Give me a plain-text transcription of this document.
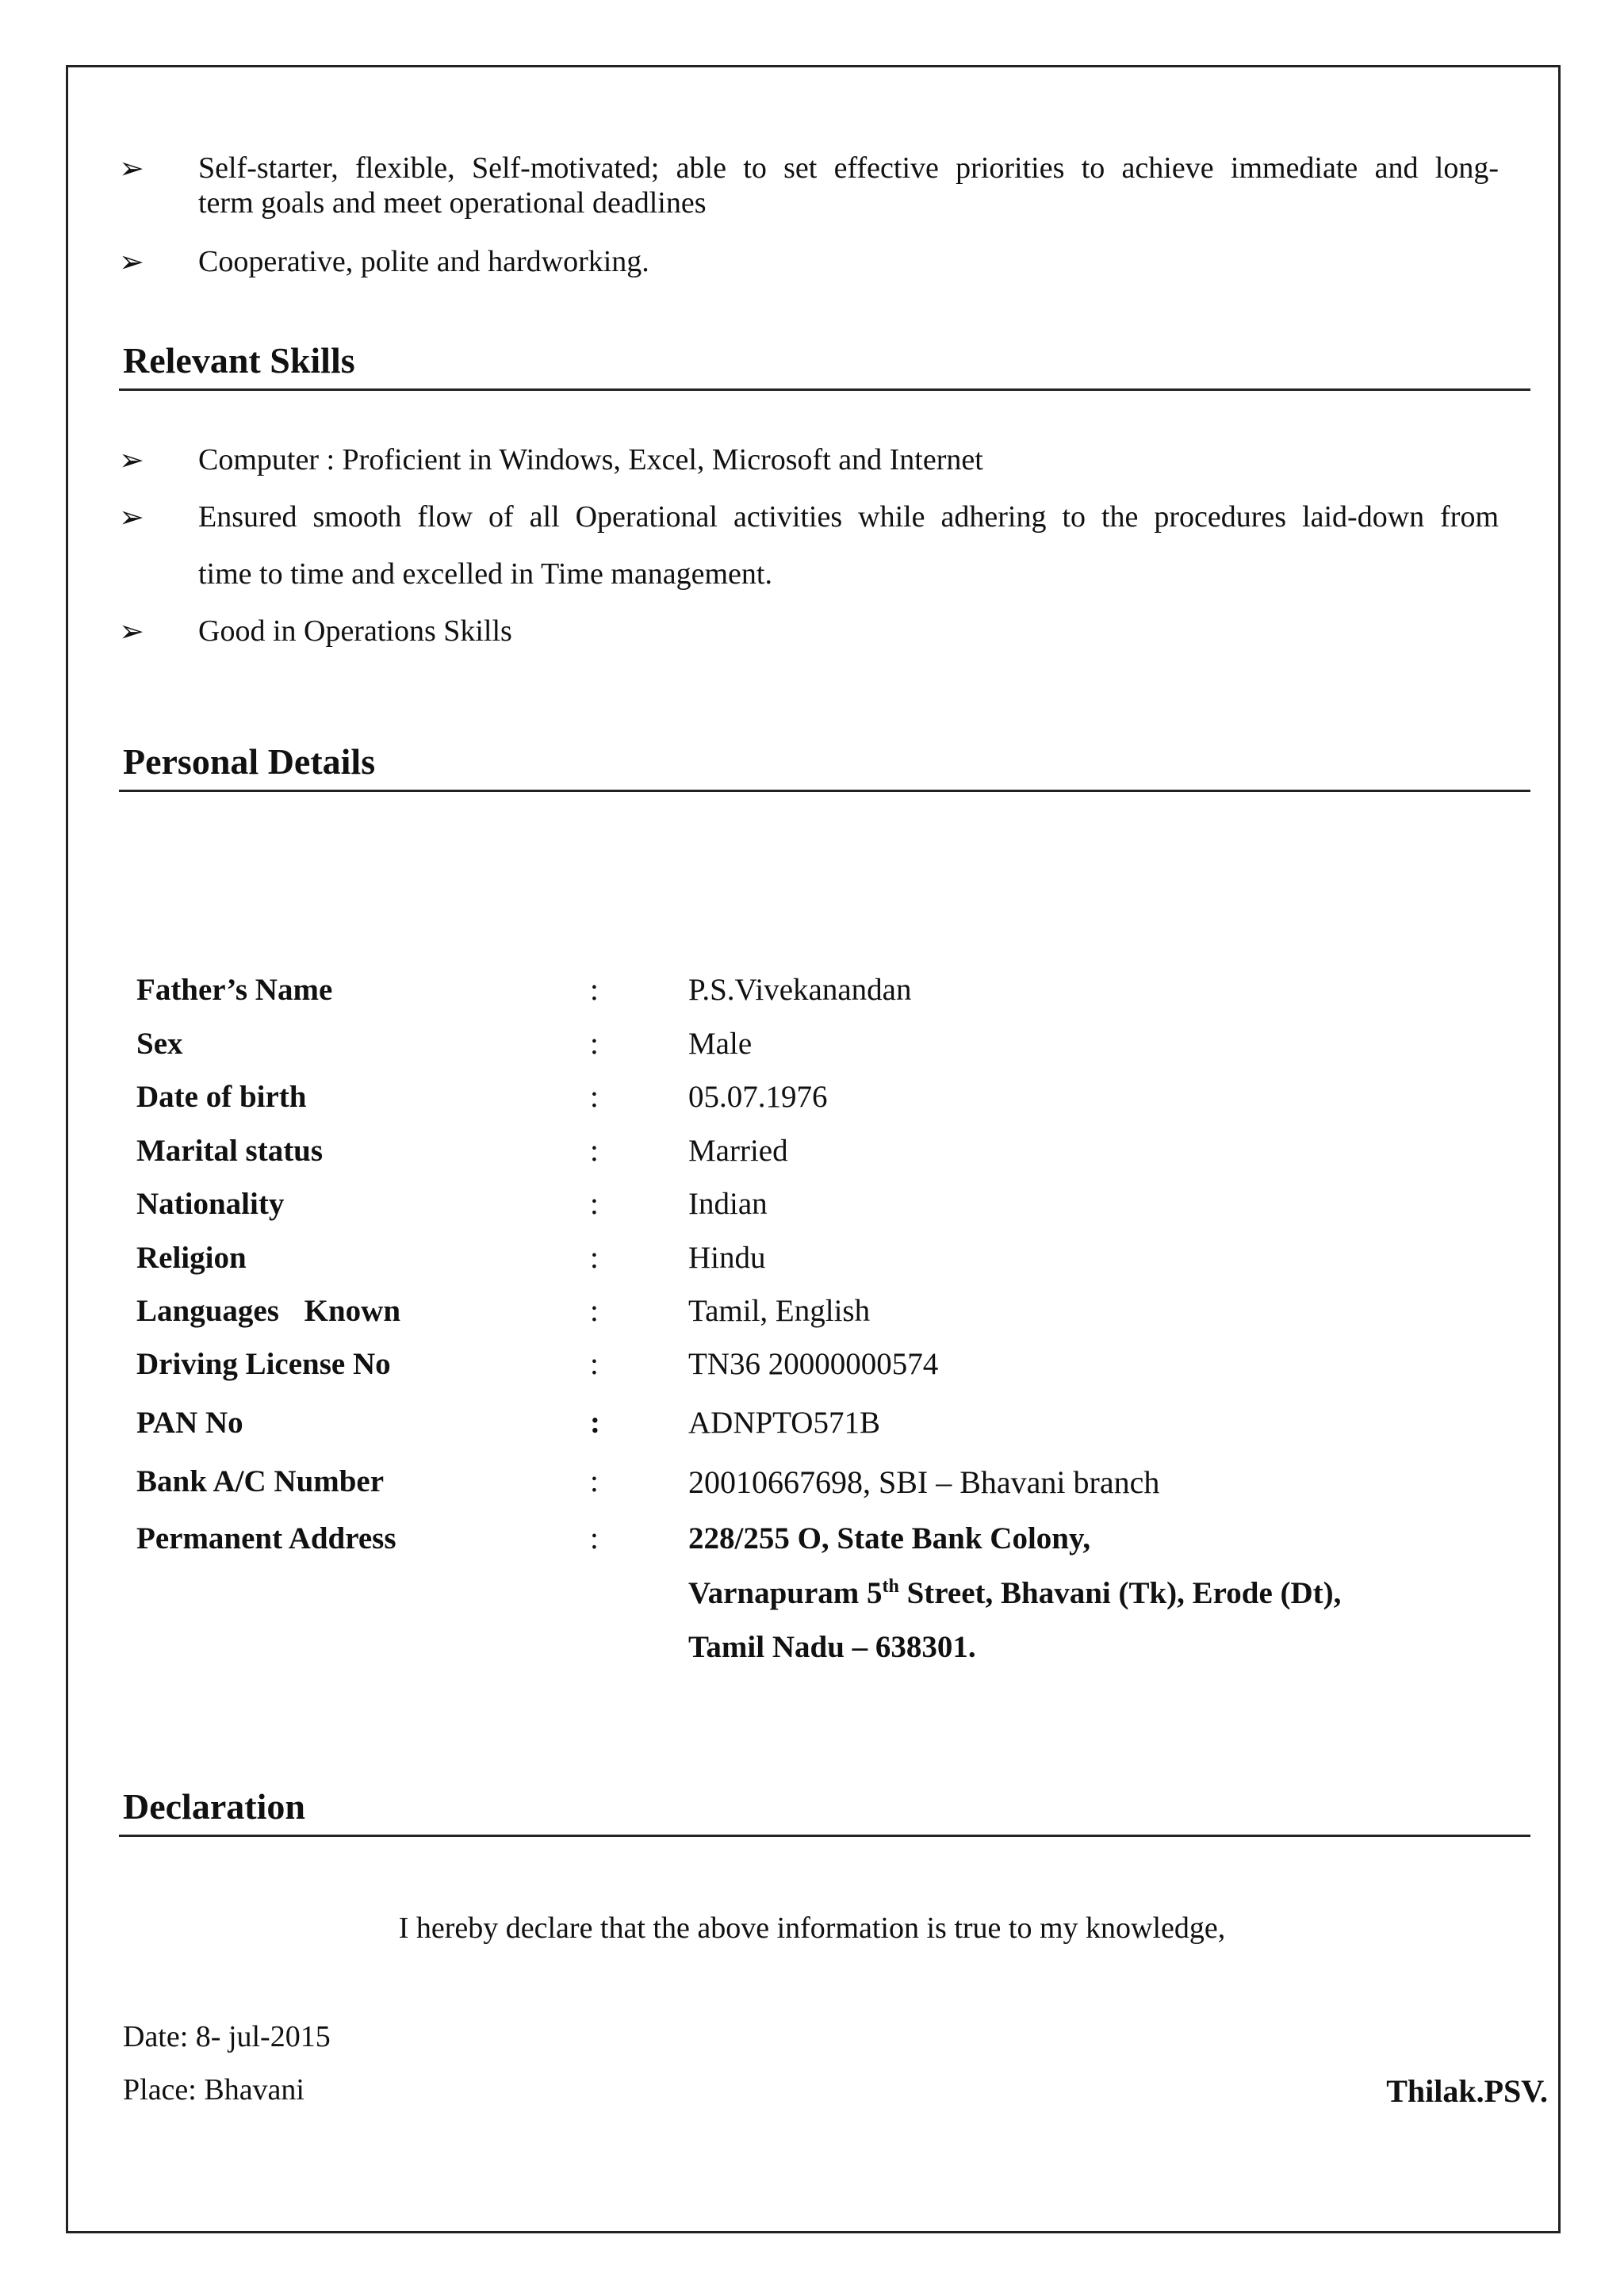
➢	Self-starter, flexible, Self-motivated; able to set effective priorities to achieve immediate and long-
term goals and meet operational deadlines
➢	Cooperative, polite and hardworking.
Relevant Skills
➢	Computer : Proficient in Windows, Excel, Microsoft and Internet
➢	Ensured smooth flow of all Operational activities while adhering to the procedures laid-down from
time to time and excelled in Time management.
➢	Good in Operations Skills
Personal Details
Father’s Name	:	P.S.Vivekanandan
Sex	:	Male
Date of birth	:	05.07.1976
Marital status	:	Married
Nationality	:	Indian
Religion	:	Hindu
Languages Known	:	Tamil, English
Driving License No	:	TN36 20000000574
PAN No	:	ADNPTO571B
Bank A/C Number	:	20010667698, SBI – Bhavani branch
Permanent Address	:	228/255 O, State Bank Colony,
Varnapuram 5th Street, Bhavani (Tk), Erode (Dt),
Tamil Nadu – 638301.
Declaration
I hereby declare that the above information is true to my knowledge,
Date: 8- jul-2015
Place: Bhavani	Thilak.PSV.
